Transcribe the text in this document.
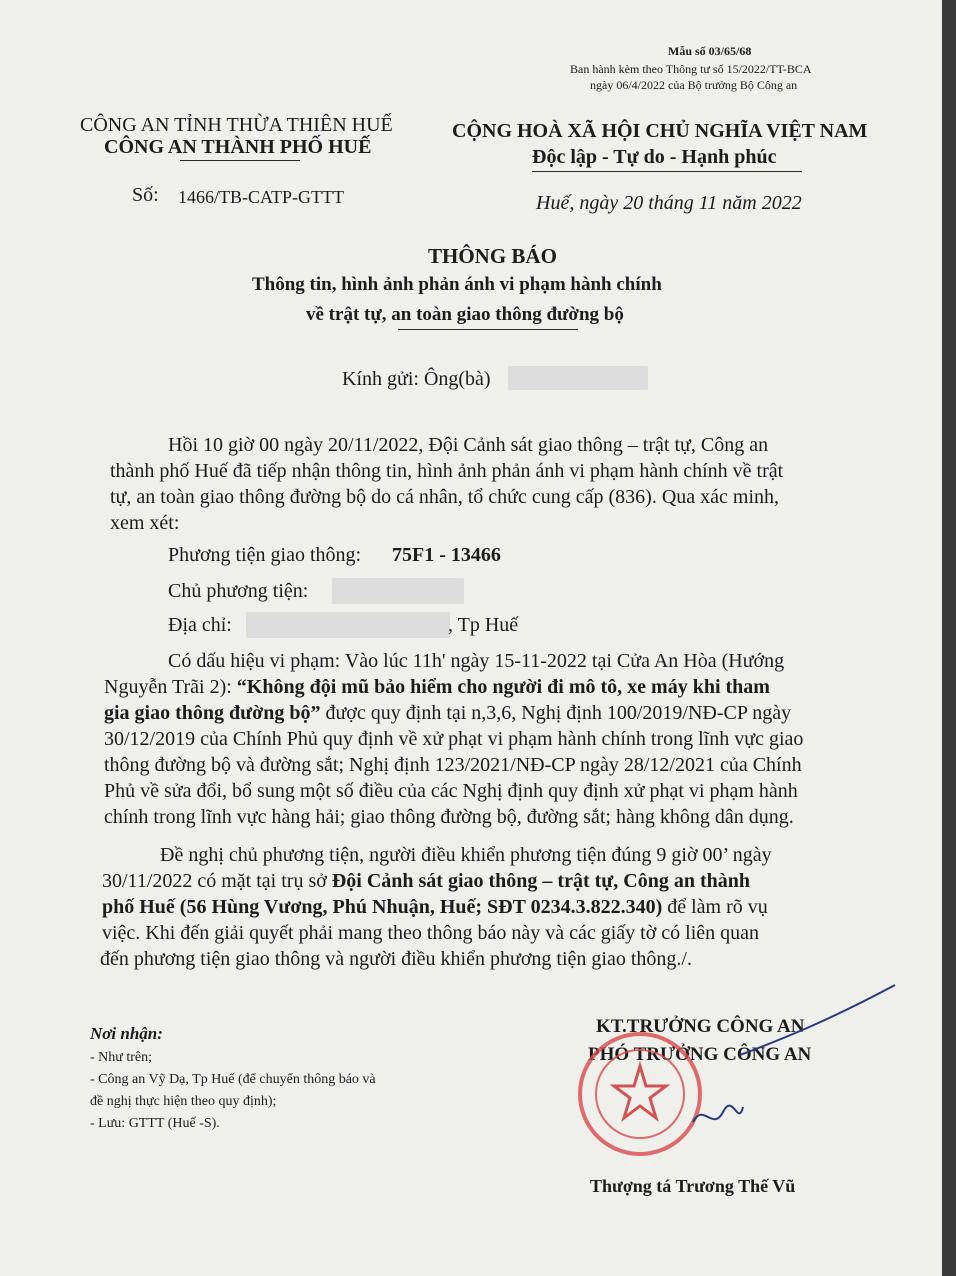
Mẫu số 03/65/68
Ban hành kèm theo Thông tư số 15/2022/TT-BCA
ngày 06/4/2022 của Bộ trưởng Bộ Công an
CÔNG AN TỈNH THỪA THIÊN HUẾ
CÔNG AN THÀNH PHỐ HUẾ
Số: 1466/TB-CATP-GTTT
CỘNG HOÀ XÃ HỘI CHỦ NGHĨA VIỆT NAM
Độc lập - Tự do - Hạnh phúc
Huế, ngày 20 tháng 11 năm 2022
THÔNG BÁO
Thông tin, hình ảnh phản ánh vi phạm hành chính
về trật tự, an toàn giao thông đường bộ
Kính gửi: Ông(bà)
Hồi 10 giờ 00 ngày 20/11/2022, Đội Cảnh sát giao thông – trật tự, Công an
thành phố Huế đã tiếp nhận thông tin, hình ảnh phản ánh vi phạm hành chính về trật
tự, an toàn giao thông đường bộ do cá nhân, tổ chức cung cấp (836). Qua xác minh,
xem xét:
Phương tiện giao thông: 75F1 - 13466
Chủ phương tiện:
Địa chỉ:	, Tp Huế
Có dấu hiệu vi phạm: Vào lúc 11h' ngày 15-11-2022 tại Cửa An Hòa (Hướng
Nguyễn Trãi 2): “Không đội mũ bảo hiểm cho người đi mô tô, xe máy khi tham
gia giao thông đường bộ” được quy định tại n,3,6, Nghị định 100/2019/NĐ-CP ngày
30/12/2019 của Chính Phủ quy định về xử phạt vi phạm hành chính trong lĩnh vực giao
thông đường bộ và đường sắt; Nghị định 123/2021/NĐ-CP ngày 28/12/2021 của Chính
Phủ về sửa đổi, bổ sung một số điều của các Nghị định quy định xử phạt vi phạm hành
chính trong lĩnh vực hàng hải; giao thông đường bộ, đường sắt; hàng không dân dụng.
Đề nghị chủ phương tiện, người điều khiển phương tiện đúng 9 giờ 00’ ngày
30/11/2022 có mặt tại trụ sở Đội Cảnh sát giao thông – trật tự, Công an thành
phố Huế (56 Hùng Vương, Phú Nhuận, Huế; SĐT 0234.3.822.340) để làm rõ vụ
việc. Khi đến giải quyết phải mang theo thông báo này và các giấy tờ có liên quan
đến phương tiện giao thông và người điều khiển phương tiện giao thông./.
Nơi nhận:
- Như trên;
- Công an Vỹ Dạ, Tp Huế (để chuyển thông báo và
đề nghị thực hiện theo quy định);
- Lưu: GTTT (Huế -S).
KT.TRƯỞNG CÔNG AN
PHÓ TRƯỞNG CÔNG AN
Thượng tá Trương Thế Vũ
